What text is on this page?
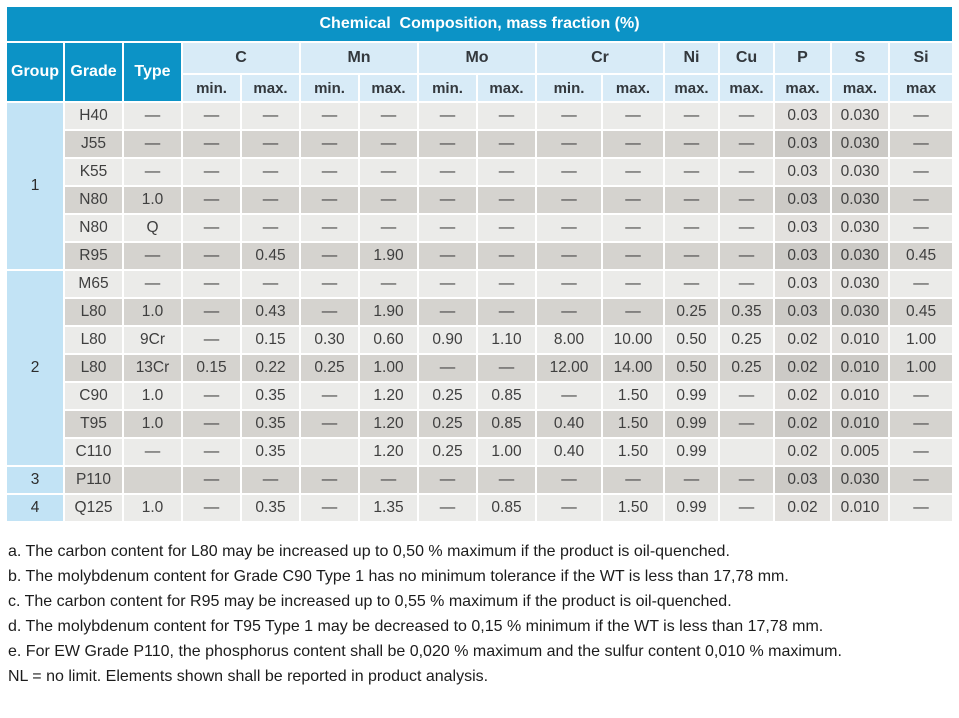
Chemical  Composition, mass fraction (%)															
Group	Grade	Type	C		Mn		Mo		Cr		Ni	Cu	P	S	Si
			min.	max.	min.	max.	min.	max.	min.	max.	max.	max.	max.	max.	max
1	H40	—	—	—	—	—	—	—	—	—	—	—	0.03	0.030	—
	J55	—	—	—	—	—	—	—	—	—	—	—	0.03	0.030	—
	K55	—	—	—	—	—	—	—	—	—	—	—	0.03	0.030	—
	N80	1.0	—	—	—	—	—	—	—	—	—	—	0.03	0.030	—
	N80	Q	—	—	—	—	—	—	—	—	—	—	0.03	0.030	—
	R95	—	—	0.45	—	1.90	—	—	—	—	—	—	0.03	0.030	0.45
2	M65	—	—	—	—	—	—	—	—	—	—	—	0.03	0.030	—
	L80	1.0	—	0.43	—	1.90	—	—	—	—	0.25	0.35	0.03	0.030	0.45
	L80	9Cr	—	0.15	0.30	0.60	0.90	1.10	8.00	10.00	0.50	0.25	0.02	0.010	1.00
	L80	13Cr	0.15	0.22	0.25	1.00	—	—	12.00	14.00	0.50	0.25	0.02	0.010	1.00
	C90	1.0	—	0.35	—	1.20	0.25	0.85	—	1.50	0.99	—	0.02	0.010	—
	T95	1.0	—	0.35	—	1.20	0.25	0.85	0.40	1.50	0.99	—	0.02	0.010	—
	C110	—	—	0.35		1.20	0.25	1.00	0.40	1.50	0.99		0.02	0.005	—
3	P110		—	—	—	—	—	—	—	—	—	—	0.03	0.030	—
4	Q125	1.0	—	0.35	—	1.35	—	0.85	—	1.50	0.99	—	0.02	0.010	—

a. The carbon content for L80 may be increased up to 0,50 % maximum if the product is oil-quenched.

b. The molybdenum content for Grade C90 Type 1 has no minimum tolerance if the WT is less than 17,78 mm.

c. The carbon content for R95 may be increased up to 0,55 % maximum if the product is oil-quenched.

d. The molybdenum content for T95 Type 1 may be decreased to 0,15 % minimum if the WT is less than 17,78 mm.

e. For EW Grade P110, the phosphorus content shall be 0,020 % maximum and the sulfur content 0,010 % maximum.

NL = no limit. Elements shown shall be reported in product analysis.
